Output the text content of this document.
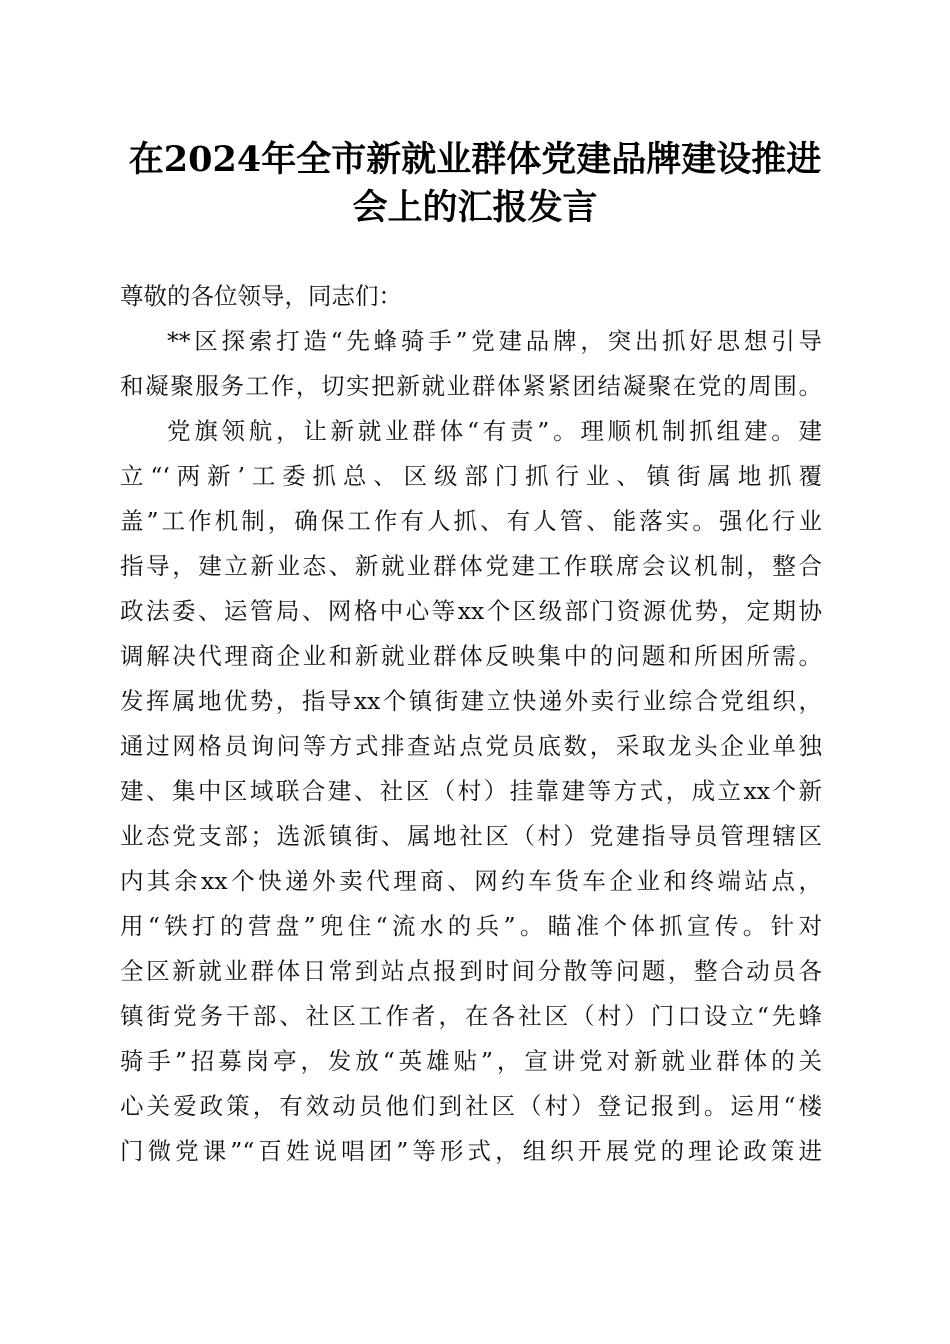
在2024年全市新就业群体党建品牌建设推进
会上的汇报发言
尊敬的各位领导，同志们：
**区探索打造“先蜂骑手”党建品牌，突出抓好思想引导
和凝聚服务工作，切实把新就业群体紧紧团结凝聚在党的周围。
党旗领航，让新就业群体“有责”。理顺机制抓组建。建
立“‘两新’工委抓总、区级部门抓行业、镇街属地抓覆
盖”工作机制，确保工作有人抓、有人管、能落实。强化行业
指导，建立新业态、新就业群体党建工作联席会议机制，整合
政法委、运管局、网格中心等xx个区级部门资源优势，定期协
调解决代理商企业和新就业群体反映集中的问题和所困所需。
发挥属地优势，指导xx个镇街建立快递外卖行业综合党组织，
通过网格员询问等方式排查站点党员底数，采取龙头企业单独
建、集中区域联合建、社区（村）挂靠建等方式，成立xx个新
业态党支部；选派镇街、属地社区（村）党建指导员管理辖区
内其余xx个快递外卖代理商、网约车货车企业和终端站点，
用“铁打的营盘”兜住“流水的兵”。瞄准个体抓宣传。针对
全区新就业群体日常到站点报到时间分散等问题，整合动员各
镇街党务干部、社区工作者，在各社区（村）门口设立“先蜂
骑手”招募岗亭，发放“英雄贴”，宣讲党对新就业群体的关
心关爱政策，有效动员他们到社区（村）登记报到。运用“楼
门微党课”“百姓说唱团”等形式，组织开展党的理论政策进
